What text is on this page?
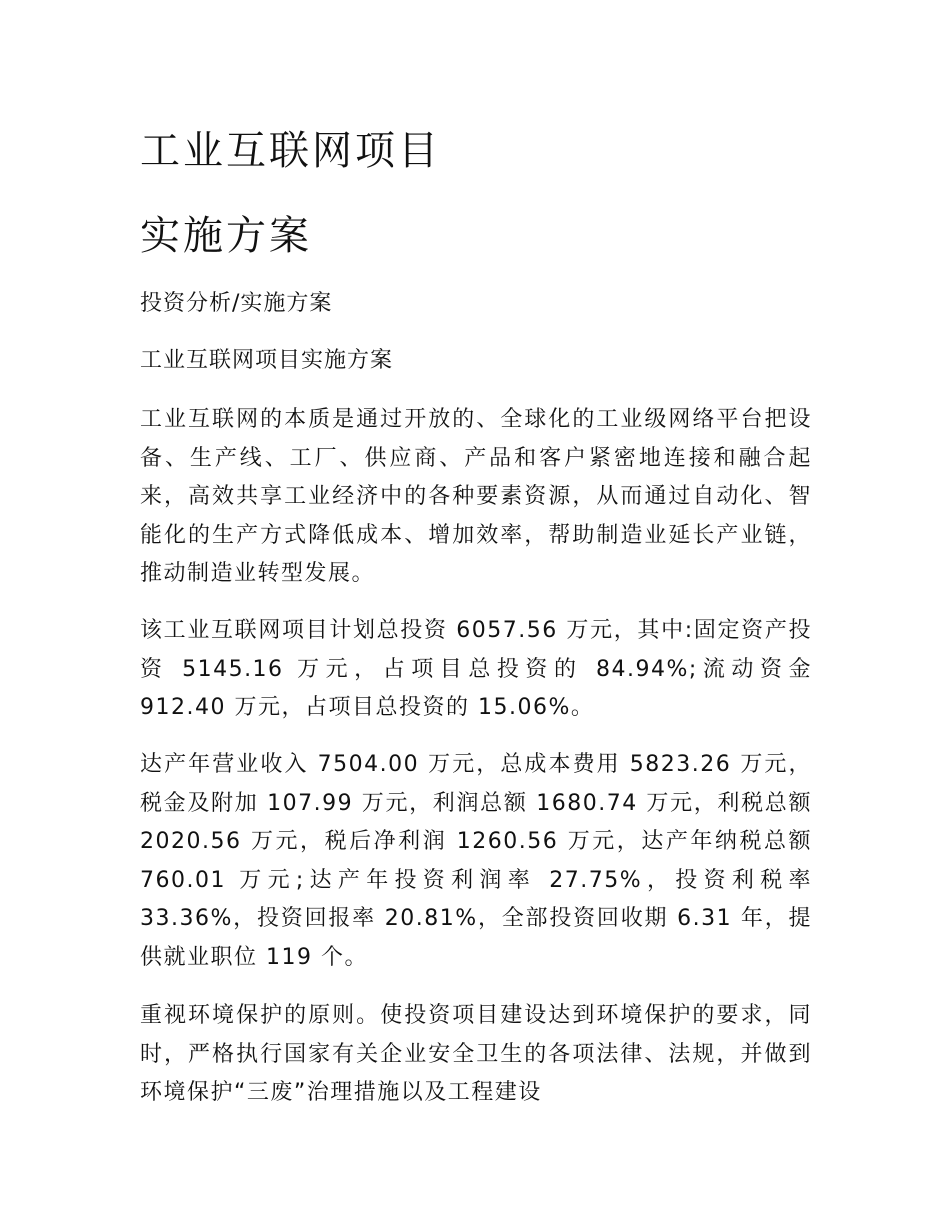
工业互联网项目
实施方案

投资分析/实施方案

工业互联网项目实施方案

工业互联网的本质是通过开放的、全球化的工业级网络平台把设备、生产线、工厂、供应商、产品和客户紧密地连接和融合起来，高效共享工业经济中的各种要素资源，从而通过自动化、智能化的生产方式降低成本、增加效率，帮助制造业延长产业链，推动制造业转型发展。

该工业互联网项目计划总投资 6057.56 万元，其中:固定资产投资 5145.16 万元，占项目总投资的 84.94%;流动资金 912.40 万元，占项目总投资的 15.06%。

达产年营业收入 7504.00 万元，总成本费用 5823.26 万元，税金及附加 107.99 万元，利润总额 1680.74 万元，利税总额 2020.56 万元，税后净利润 1260.56 万元，达产年纳税总额 760.01 万元;达产年投资利润率 27.75%，投资利税率 33.36%，投资回报率 20.81%，全部投资回收期 6.31 年，提供就业职位 119 个。

重视环境保护的原则。使投资项目建设达到环境保护的要求，同时，严格执行国家有关企业安全卫生的各项法律、法规，并做到环境保护“三废”治理措施以及工程建设
